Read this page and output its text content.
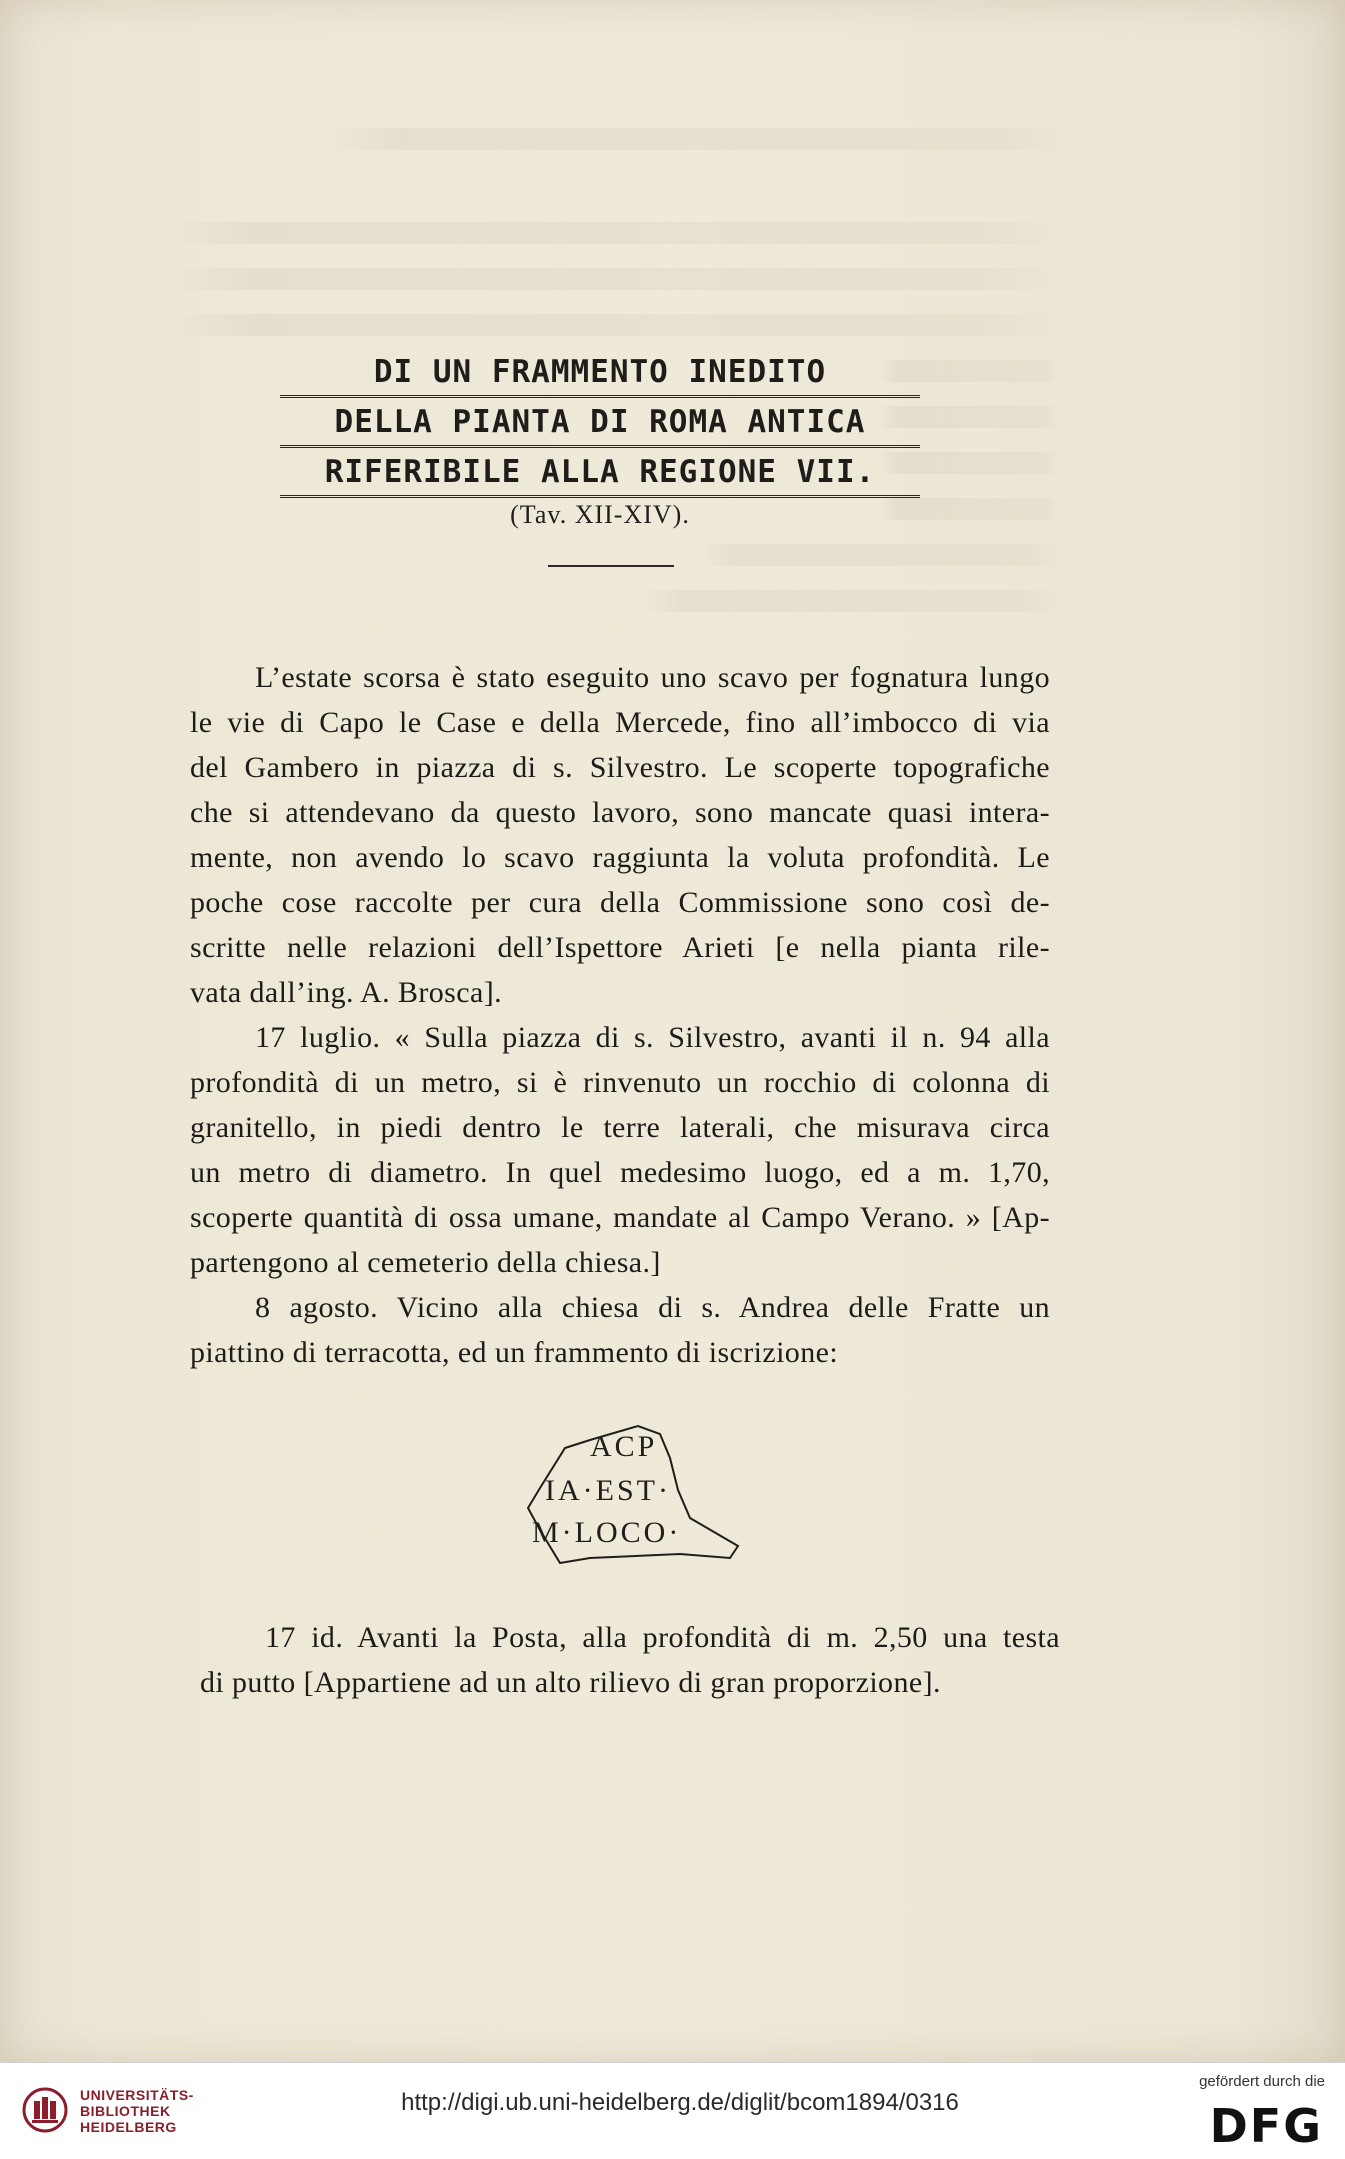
DI UN FRAMMENTO INEDITO
DELLA PIANTA DI ROMA ANTICA
RIFERIBILE ALLA REGIONE VII.
(Tav. XII-XIV).
L’estate scorsa è stato eseguito uno scavo per fognatura lungo
le vie di Capo le Case e della Mercede, fino all’imbocco di via
del Gambero in piazza di s. Silvestro. Le scoperte topografiche
che si attendevano da questo lavoro, sono mancate quasi intera-
mente, non avendo lo scavo raggiunta la voluta profondità. Le
poche cose raccolte per cura della Commissione sono così de-
scritte nelle relazioni dell’Ispettore Arieti [e nella pianta rile-
vata dall’ing. A. Brosca].
17 luglio. « Sulla piazza di s. Silvestro, avanti il n. 94 alla
profondità di un metro, si è rinvenuto un rocchio di colonna di
granitello, in piedi dentro le terre laterali, che misurava circa
un metro di diametro. In quel medesimo luogo, ed a m. 1,70,
scoperte quantità di ossa umane, mandate al Campo Verano. » [Ap-
partengono al cemeterio della chiesa.]
8 agosto. Vicino alla chiesa di s. Andrea delle Fratte un
piattino di terracotta, ed un frammento di iscrizione:
ACP
IA·EST·
M·LOCO·
17 id. Avanti la Posta, alla profondità di m. 2,50 una testa
di putto [Appartiene ad un alto rilievo di gran proporzione].
UNIVERSITÄTS-
BIBLIOTHEK
HEIDELBERG
http://digi.ub.uni-heidelberg.de/diglit/bcom1894/0316
gefördert durch die
DFG
